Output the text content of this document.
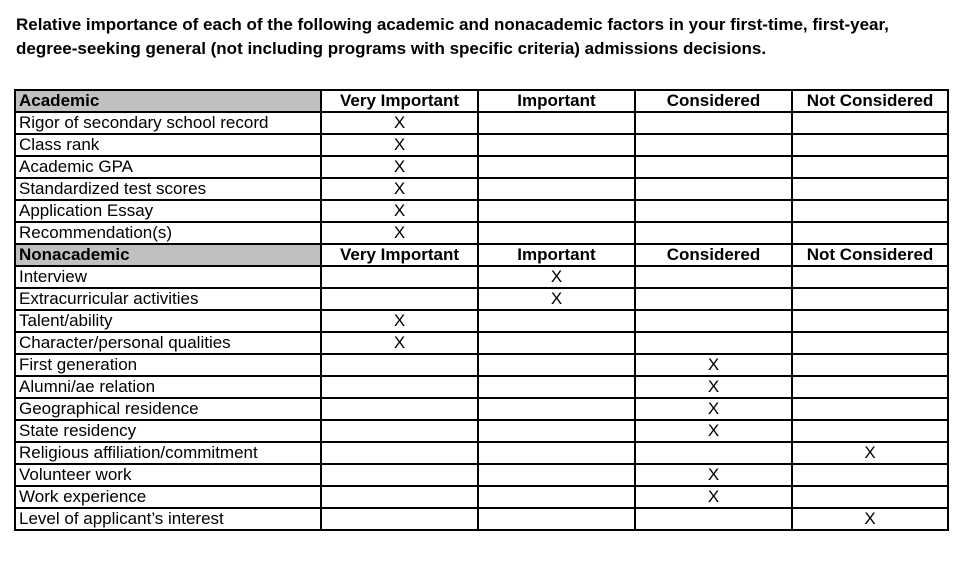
Relative importance of each of the following academic and nonacademic factors in your first-time, first-year, degree-seeking general (not including programs with specific criteria) admissions decisions.
Academic	Very Important	Important	Considered	Not Considered
Rigor of secondary school record	X			
Class rank	X			
Academic GPA	X			
Standardized test scores	X			
Application Essay	X			
Recommendation(s)	X			
Nonacademic	Very Important	Important	Considered	Not Considered
Interview		X		
Extracurricular activities		X		
Talent/ability	X			
Character/personal qualities	X			
First generation			X	
Alumni/ae relation			X	
Geographical residence			X	
State residency			X	
Religious affiliation/commitment				X
Volunteer work			X	
Work experience			X	
Level of applicant’s interest				X
